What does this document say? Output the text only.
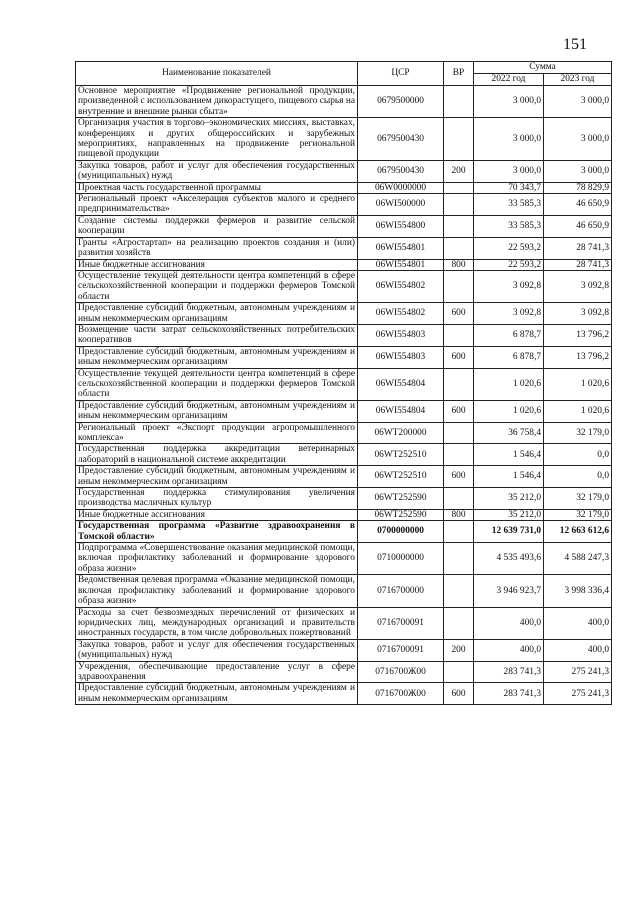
151
Наименование показателей	ЦСР	ВР	Сумма	
			2022 год	2023 год
Основное мероприятие «Продвижение региональной продукции, произведенной с использованием дикорастущего, пищевого сырья на внутренние и внешние рынки сбыта»	0679500000		3 000,0	3 000,0
Организация участия в торгово–экономических миссиях, выставках, конференциях и других общероссийских и зарубежных мероприятиях, направленных на продвижение региональной пищевой продукции	0679500430		3 000,0	3 000,0
Закупка товаров, работ и услуг для обеспечения государственных (муниципальных) нужд	0679500430	200	3 000,0	3 000,0
Проектная часть государственной программы	06W0000000		70 343,7	78 829,9
Региональный проект «Акселерация субъектов малого и среднего предпринимательства»	06WI500000		33 585,3	46 650,9
Создание системы поддержки фермеров и развитие сельской кооперации	06WI554800		33 585,3	46 650,9
Гранты «Агростартап» на реализацию проектов создания и (или) развития хозяйств	06WI554801		22 593,2	28 741,3
Иные бюджетные ассигнования	06WI554801	800	22 593,2	28 741,3
Осуществление текущей деятельности центра компетенций в сфере сельскохозяйственной кооперации и поддержки фермеров Томской области	06WI554802		3 092,8	3 092,8
Предоставление субсидий бюджетным, автономным учреждениям и иным некоммерческим организациям	06WI554802	600	3 092,8	3 092,8
Возмещение части затрат сельскохозяйственных потребительских кооперативов	06WI554803		6 878,7	13 796,2
Предоставление субсидий бюджетным, автономным учреждениям и иным некоммерческим организациям	06WI554803	600	6 878,7	13 796,2
Осуществление текущей деятельности центра компетенций в сфере сельскохозяйственной кооперации и поддержки фермеров Томской области	06WI554804		1 020,6	1 020,6
Предоставление субсидий бюджетным, автономным учреждениям и иным некоммерческим организациям	06WI554804	600	1 020,6	1 020,6
Региональный проект «Экспорт продукции агропромышленного комплекса»	06WT200000		36 758,4	32 179,0
Государственная поддержка аккредитации ветеринарных лабораторий в национальной системе аккредитации	06WT252510		1 546,4	0,0
Предоставление субсидий бюджетным, автономным учреждениям и иным некоммерческим организациям	06WT252510	600	1 546,4	0,0
Государственная поддержка стимулирования увеличения производства масличных культур	06WT252590		35 212,0	32 179,0
Иные бюджетные ассигнования	06WT252590	800	35 212,0	32 179,0
Государственная программа «Развитие здравоохранения в Томской области»	0700000000		12 639 731,0	12 663 612,6
Подпрограмма «Совершенствование оказания медицинской помощи, включая профилактику заболеваний и формирование здорового образа жизни»	0710000000		4 535 493,6	4 588 247,3
Ведомственная целевая программа «Оказание медицинской помощи, включая профилактику заболеваний и формирование здорового образа жизни»	0716700000		3 946 923,7	3 998 336,4
Расходы за счет безвозмездных перечислений от физических и юридических лиц, международных организаций и правительств иностранных государств, в том числе добровольных пожертвований	0716700091		400,0	400,0
Закупка товаров, работ и услуг для обеспечения государственных (муниципальных) нужд	0716700091	200	400,0	400,0
Учреждения, обеспечивающие предоставление услуг в сфере здравоохранения	0716700Ж00		283 741,3	275 241,3
Предоставление субсидий бюджетным, автономным учреждениям и иным некоммерческим организациям	0716700Ж00	600	283 741,3	275 241,3
